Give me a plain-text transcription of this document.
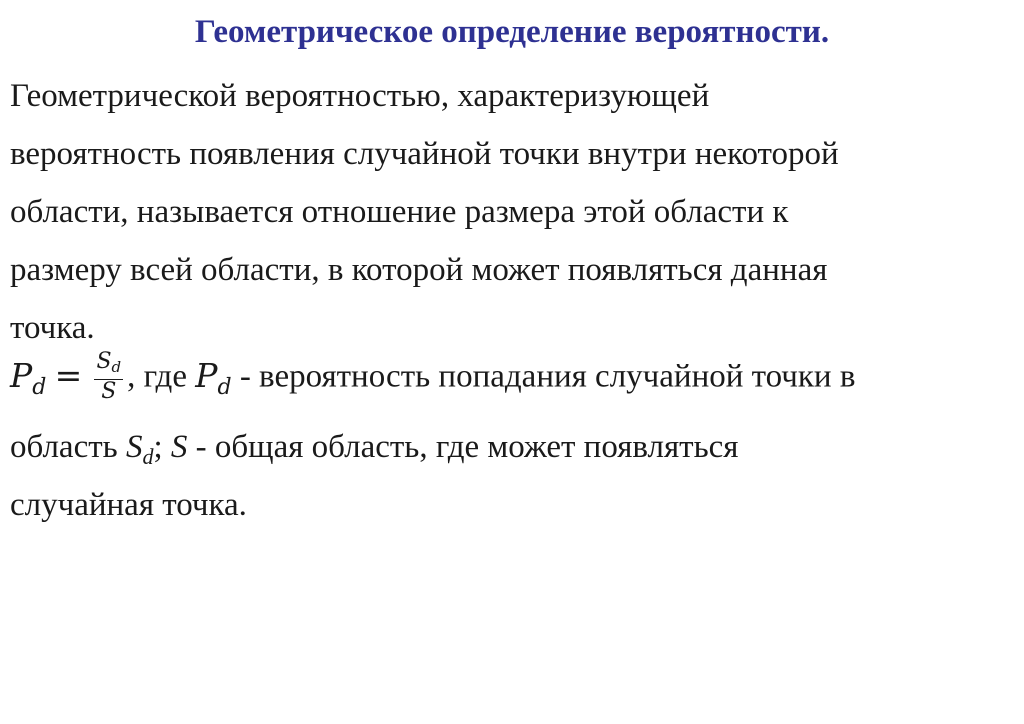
Геометрическое определение вероятности.
Геометрической вероятностью, характеризующей
вероятность появления случайной точки внутри некоторой
области, называется отношение размера этой области к
размеру всей области, в которой может появляться данная
точка.
$P_d = \frac{S_d}{S}$ , где $P_d$ - вероятность попадания случайной точки в
область $S_d$; S - общая область, где может появляться
случайная точка.
